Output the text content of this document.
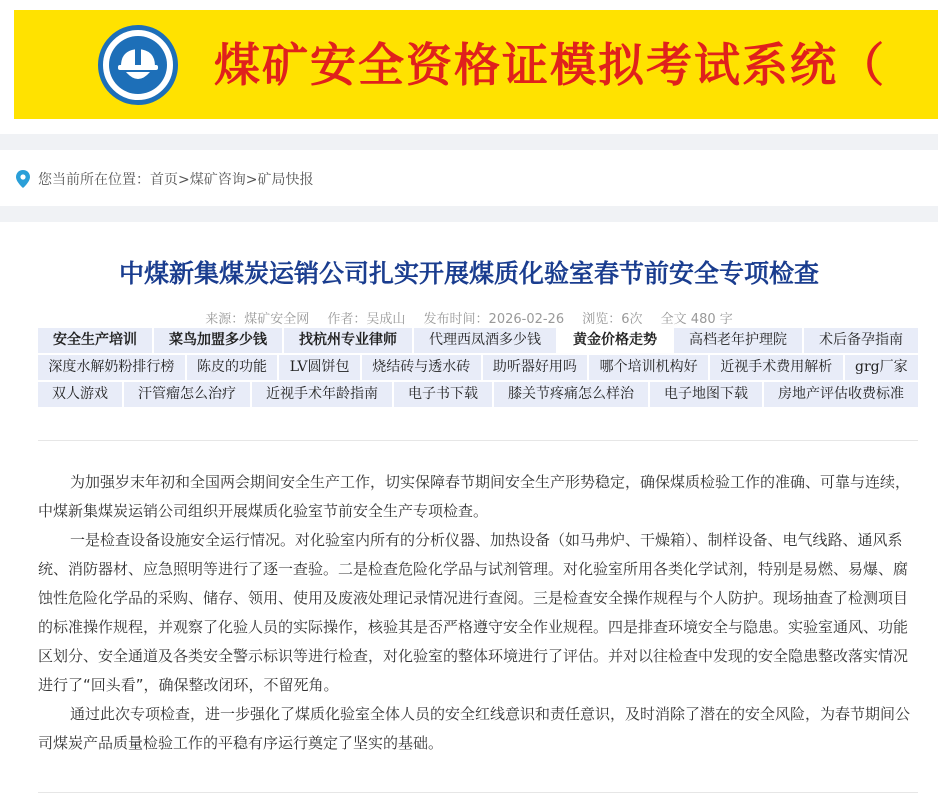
煤矿安全资格证模拟考试系统（
您当前所在位置：首页>煤矿咨询>矿局快报
中煤新集煤炭运销公司扎实开展煤质化验室春节前安全专项检查
来源：煤矿安全网 作者：吴成山 发布时间：2026-02-26 浏览：6次 全文 480 字
安全生产培训	菜鸟加盟多少钱	找杭州专业律师	代理西凤酒多少钱	黄金价格走势	高档老年护理院	术后备孕指南
深度水解奶粉排行榜	陈皮的功能	LV圆饼包	烧结砖与透水砖	助听器好用吗	哪个培训机构好	近视手术费用解析	grg厂家
双人游戏	汗管瘤怎么治疗	近视手术年龄指南	电子书下载	膝关节疼痛怎么样治	电子地图下载	房地产评估收费标准

为加强岁末年初和全国两会期间安全生产工作，切实保障春节期间安全生产形势稳定，确保煤质检验工作的准确、可靠与连续，中煤新集煤炭运销公司组织开展煤质化验室节前安全生产专项检查。

一是检查设备设施安全运行情况。对化验室内所有的分析仪器、加热设备（如马弗炉、干燥箱）、制样设备、电气线路、通风系统、消防器材、应急照明等进行了逐一查验。二是检查危险化学品与试剂管理。对化验室所用各类化学试剂，特别是易燃、易爆、腐蚀性危险化学品的采购、储存、领用、使用及废液处理记录情况进行查阅。三是检查安全操作规程与个人防护。现场抽查了检测项目的标准操作规程，并观察了化验人员的实际操作，核验其是否严格遵守安全作业规程。四是排查环境安全与隐患。实验室通风、功能区划分、安全通道及各类安全警示标识等进行检查，对化验室的整体环境进行了评估。并对以往检查中发现的安全隐患整改落实情况进行了“回头看”，确保整改闭环，不留死角。

通过此次专项检查，进一步强化了煤质化验室全体人员的安全红线意识和责任意识，及时消除了潜在的安全风险，为春节期间公司煤炭产品质量检验工作的平稳有序运行奠定了坚实的基础。
